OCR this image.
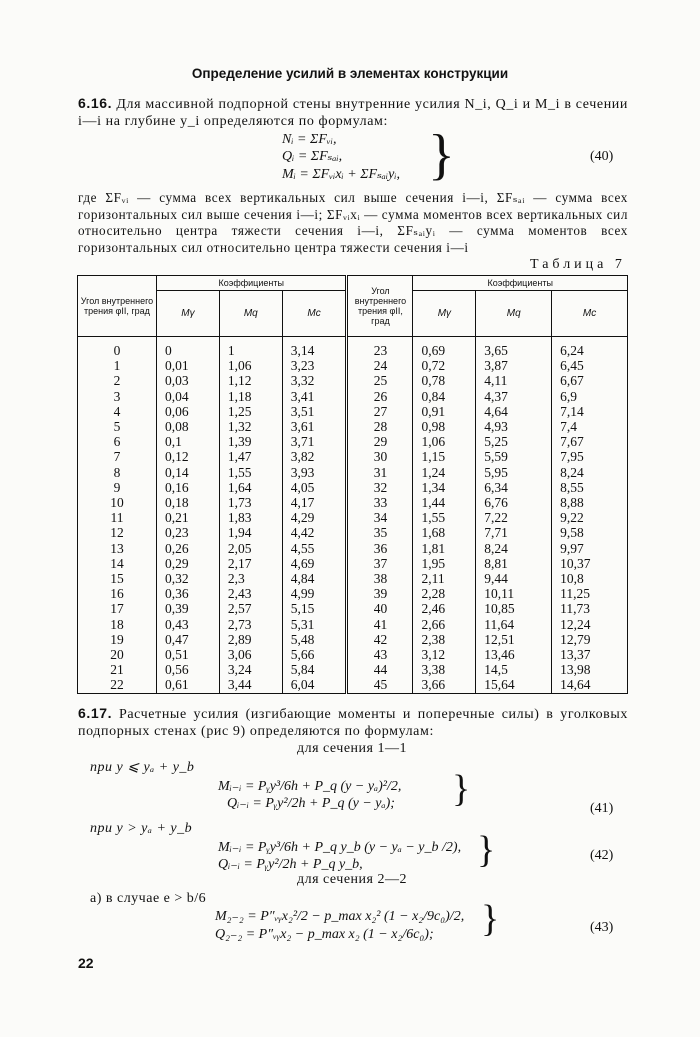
Определение усилий в элементах конструкции
6.16. Для массивной подпорной стены внутренние усилия N_i, Q_i и M_i в сечении i—i на глубине y_i определяются по формулам:
Nᵢ = ΣFᵥᵢ,
Qᵢ = ΣFₛₐᵢ,
Mᵢ = ΣFᵥᵢxᵢ + ΣFₛₐᵢyᵢ, }	(40)
где ΣFᵥᵢ — сумма всех вертикальных сил выше сечения i—i, ΣFₛₐᵢ — сумма всех горизонтальных сил выше сечения i—i; ΣFᵥᵢxᵢ — сумма моментов всех вертикальных сил относительно центра тяжести сечения i—i, ΣFₛₐᵢyᵢ — сумма моментов всех горизонтальных сил относительно центра тяжести сечения i—i
Таблица 7
Угол внутреннего трения φII, град	Коэффициенты			Угол внутреннего трения φII, град	Коэффициенты		
	Mγ	Mq	Mc		Mγ	Mq	Mc
0	0	1	3,14	23	0,69	3,65	6,24
1	0,01	1,06	3,23	24	0,72	3,87	6,45
2	0,03	1,12	3,32	25	0,78	4,11	6,67
3	0,04	1,18	3,41	26	0,84	4,37	6,9
4	0,06	1,25	3,51	27	0,91	4,64	7,14
5	0,08	1,32	3,61	28	0,98	4,93	7,4
6	0,1	1,39	3,71	29	1,06	5,25	7,67
7	0,12	1,47	3,82	30	1,15	5,59	7,95
8	0,14	1,55	3,93	31	1,24	5,95	8,24
9	0,16	1,64	4,05	32	1,34	6,34	8,55
10	0,18	1,73	4,17	33	1,44	6,76	8,88
11	0,21	1,83	4,29	34	1,55	7,22	9,22
12	0,23	1,94	4,42	35	1,68	7,71	9,58
13	0,26	2,05	4,55	36	1,81	8,24	9,97
14	0,29	2,17	4,69	37	1,95	8,81	10,37
15	0,32	2,3	4,84	38	2,11	9,44	10,8
16	0,36	2,43	4,99	39	2,28	10,11	11,25
17	0,39	2,57	5,15	40	2,46	10,85	11,73
18	0,43	2,73	5,31	41	2,66	11,64	12,24
19	0,47	2,89	5,48	42	2,38	12,51	12,79
20	0,51	3,06	5,66	43	3,12	13,46	13,37
21	0,56	3,24	5,84	44	3,38	14,5	13,98
22	0,61	3,44	6,04	45	3,66	15,64	14,64
6.17. Расчетные усилия (изгибающие моменты и поперечные силы) в уголковых подпорных стенах (рис 9) определяются по формулам:
для сечения 1—1
при y ⩽ yₐ + y_b
Mᵢ₋ᵢ = Pᵧy³/6h + P_q (y − yₐ)²/2,
Qᵢ₋ᵢ = Pᵧy²/2h + P_q (y − yₐ); }	(41)
при y > yₐ + y_b
Mᵢ₋ᵢ = Pᵧy³/6h + P_q y_b (y − yₐ − y_b /2),
Qᵢ₋ᵢ = Pᵧy²/2h + P_q y_b,	}	(42)
для сечения 2—2
а) в случае e > b/6
M₂₋₂ = P″ᵥᵧx₂²/2 − p_max x₂² (1 − x₂/9c₀)/2,
Q₂₋₂ = P″ᵥᵧx₂ − p_max x₂ (1 − x₂/6c₀); }	(43)
22
